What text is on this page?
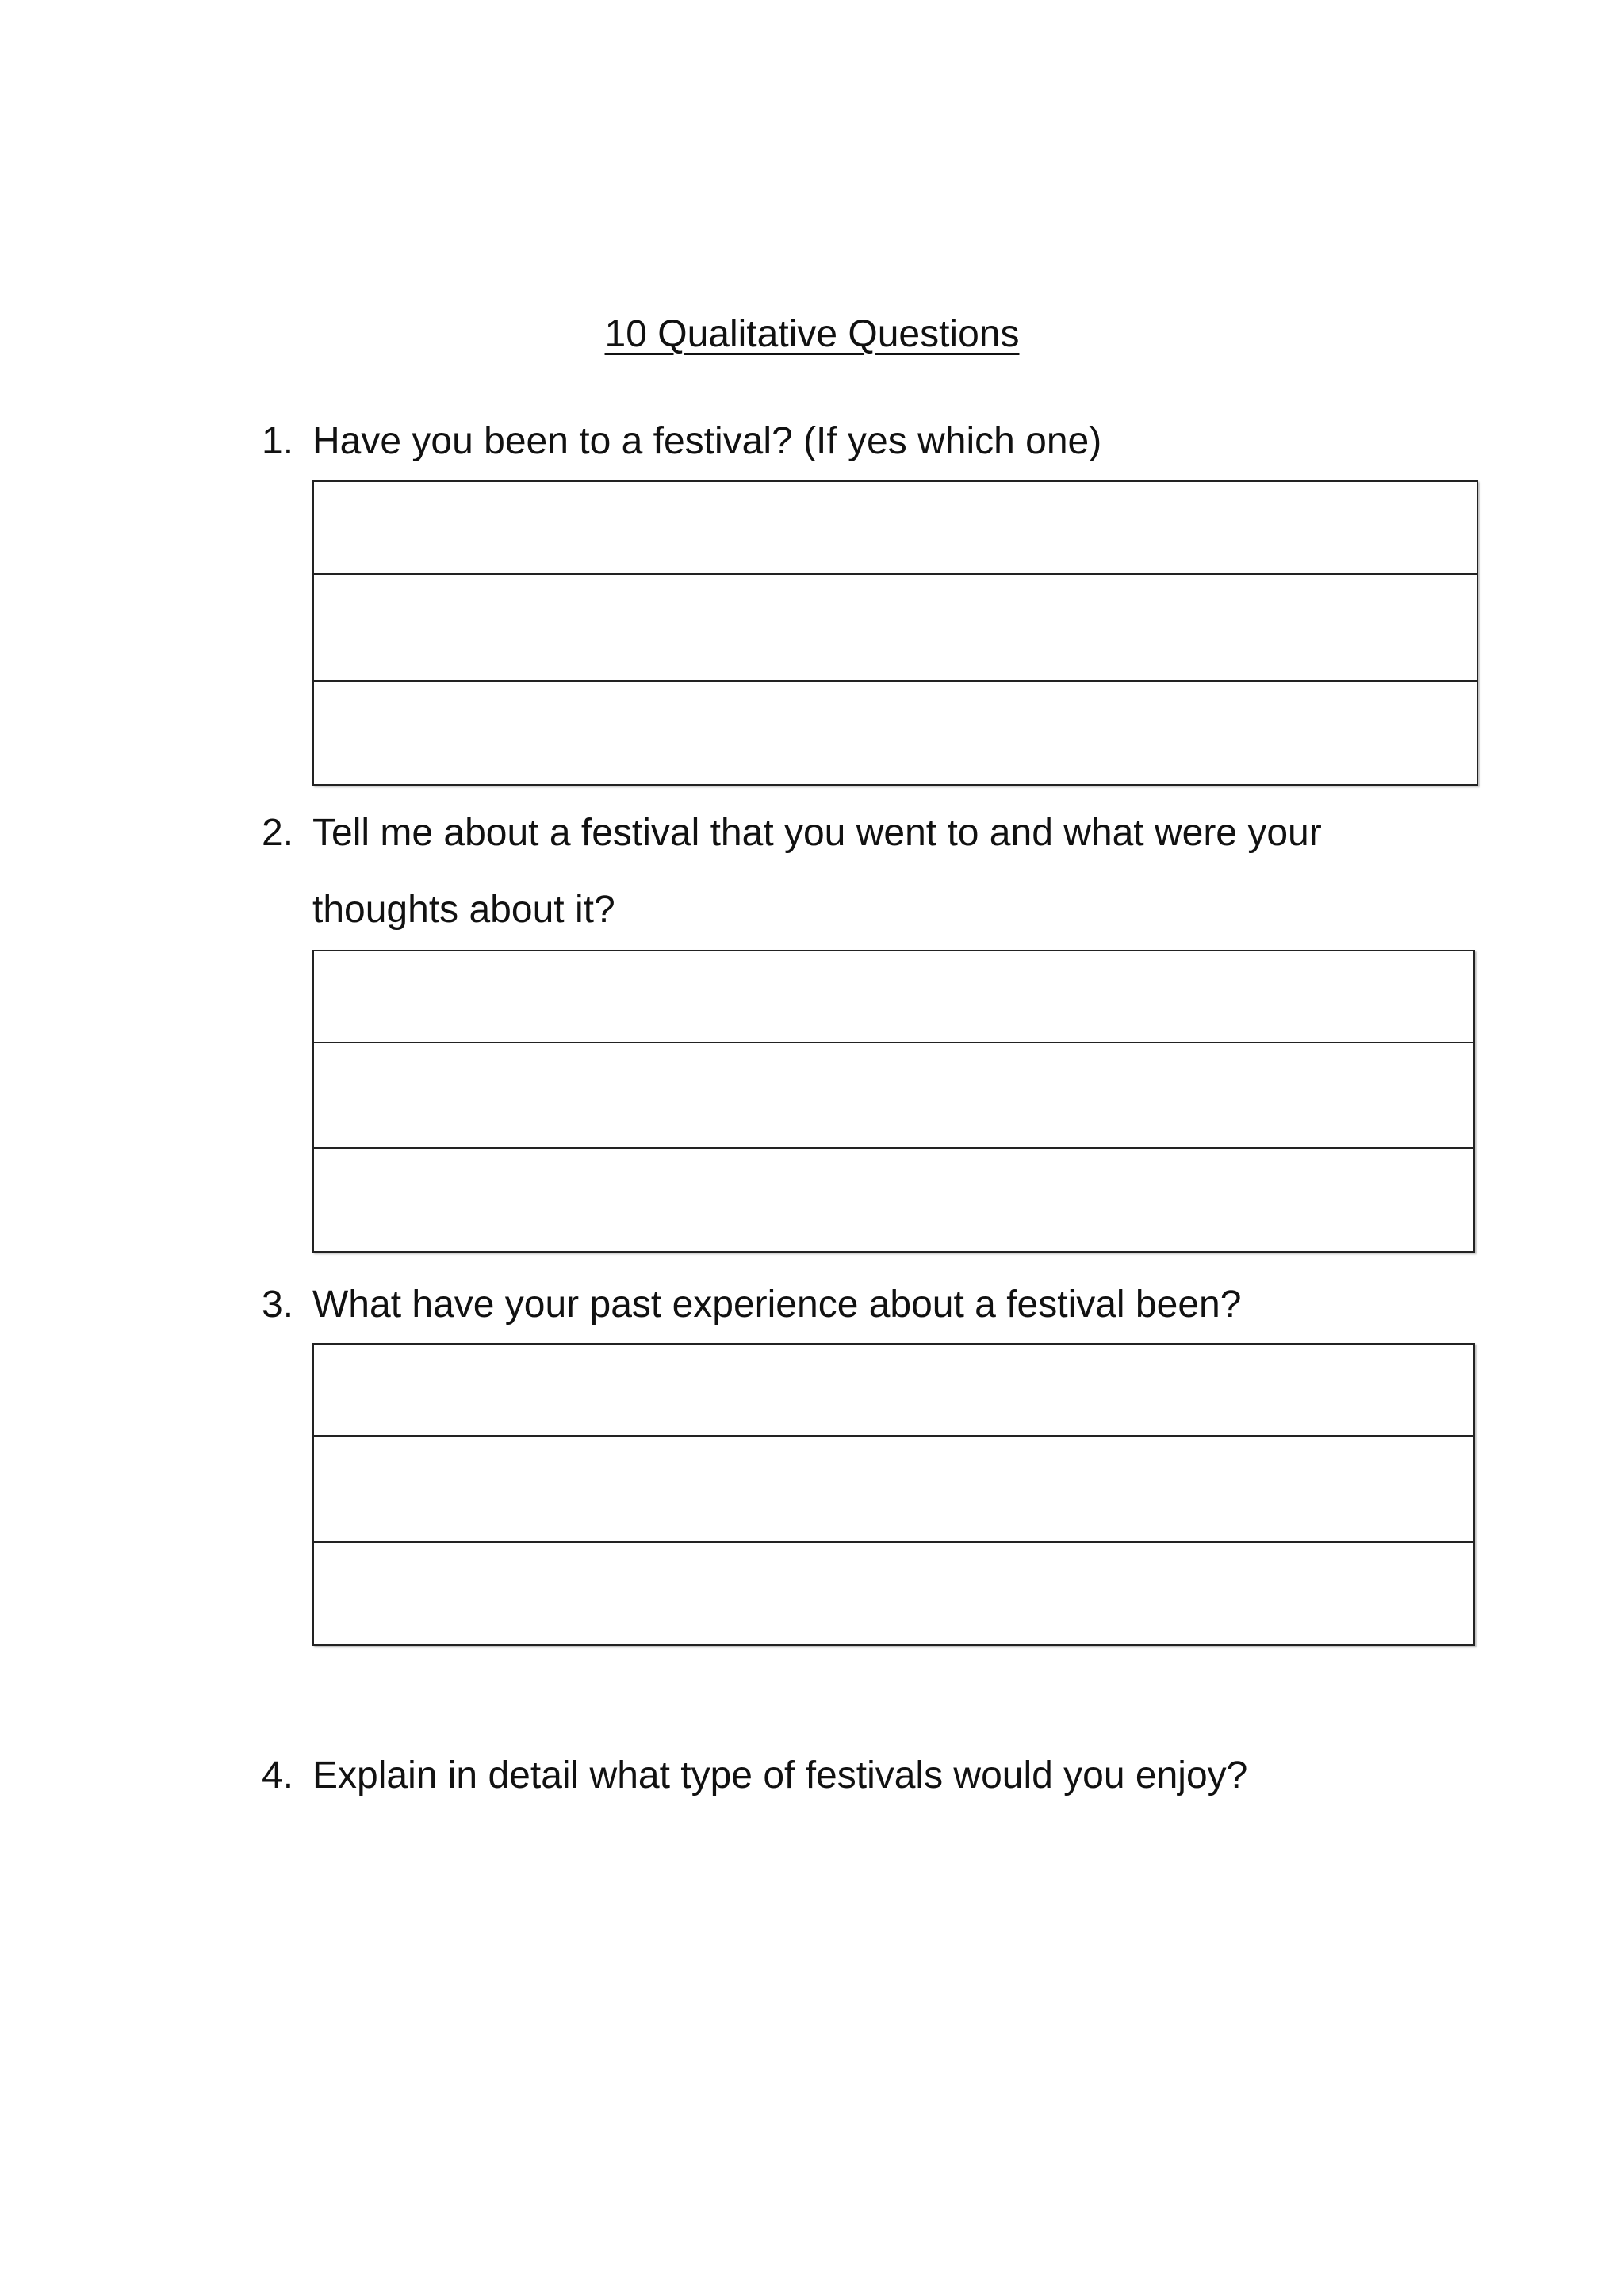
10 Qualitative Questions
1. Have you been to a festival? (If yes which one)
2. Tell me about a festival that you went to and what were your thoughts about it?
3. What have your past experience about a festival been?
4. Explain in detail what type of festivals would you enjoy?
